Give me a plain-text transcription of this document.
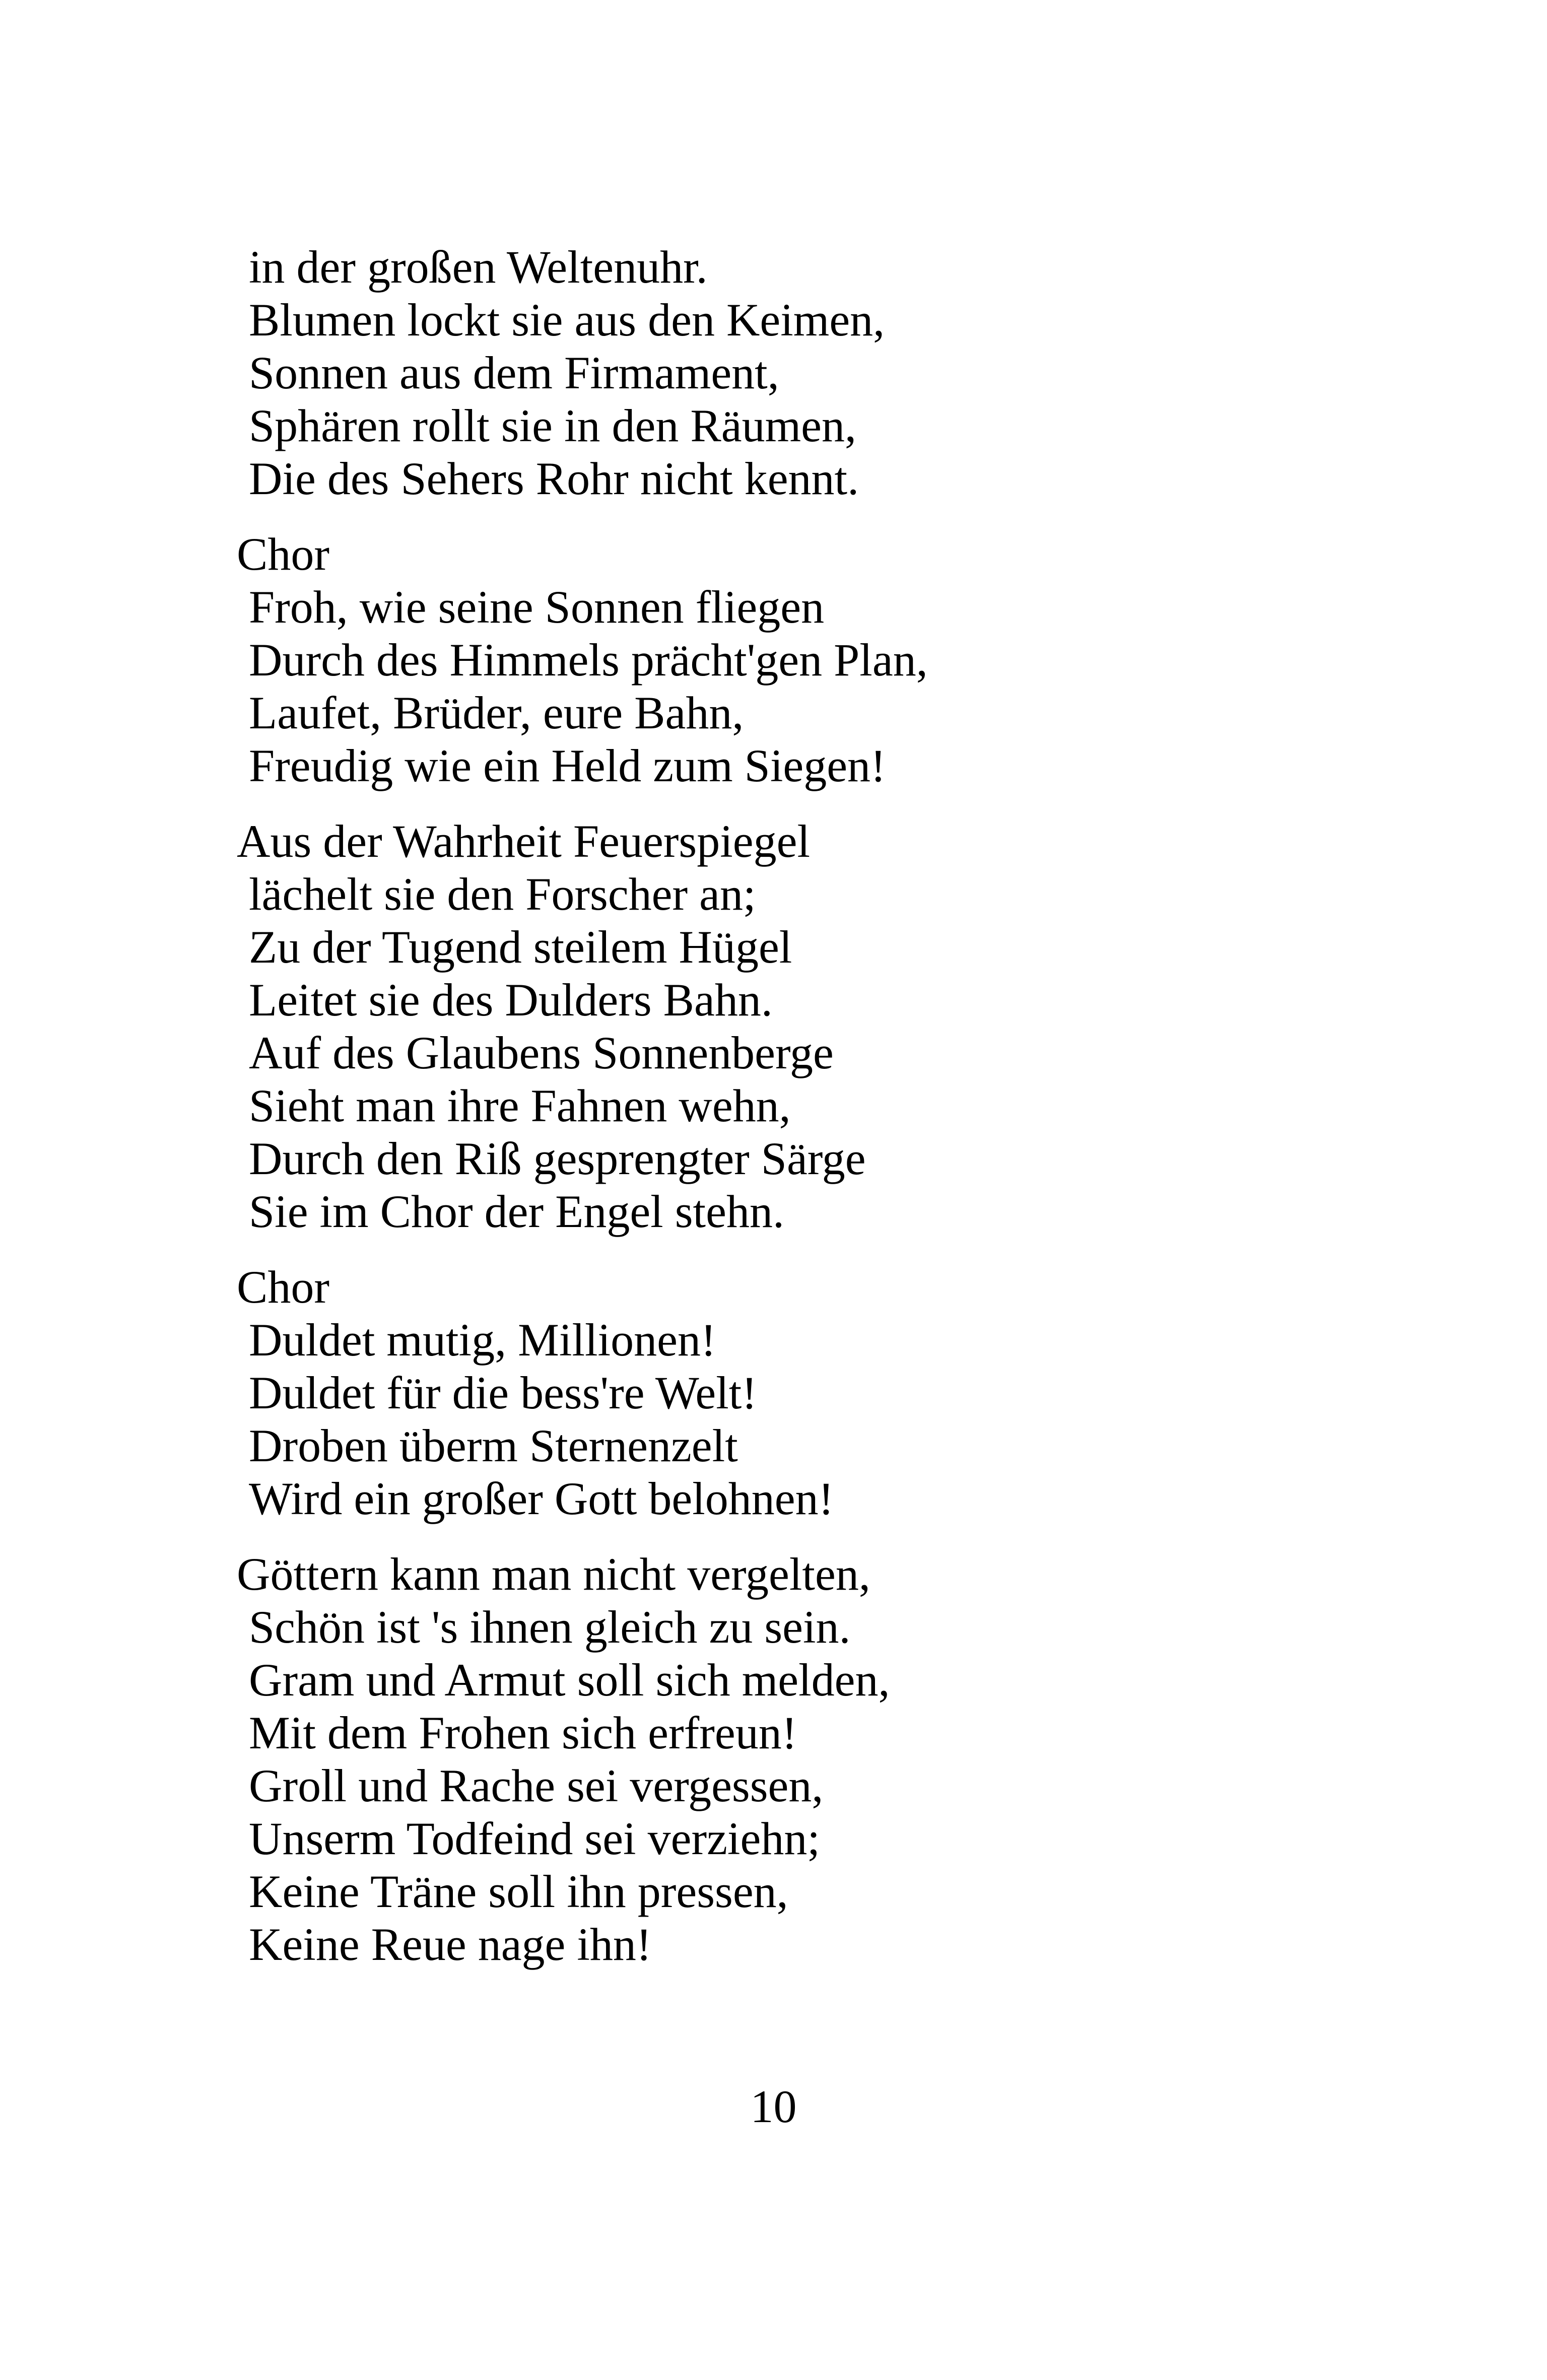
in der großen Weltenuhr.
Blumen lockt sie aus den Keimen,
Sonnen aus dem Firmament,
Sphären rollt sie in den Räumen,
Die des Sehers Rohr nicht kennt.
Chor
Froh, wie seine Sonnen fliegen
Durch des Himmels prächt'gen Plan,
Laufet, Brüder, eure Bahn,
Freudig wie ein Held zum Siegen!
Aus der Wahrheit Feuerspiegel
lächelt sie den Forscher an;
Zu der Tugend steilem Hügel
Leitet sie des Dulders Bahn.
Auf des Glaubens Sonnenberge
Sieht man ihre Fahnen wehn,
Durch den Riß gesprengter Särge
Sie im Chor der Engel stehn.
Chor
Duldet mutig, Millionen!
Duldet für die bess're Welt!
Droben überm Sternenzelt
Wird ein großer Gott belohnen!
Göttern kann man nicht vergelten,
Schön ist 's ihnen gleich zu sein.
Gram und Armut soll sich melden,
Mit dem Frohen sich erfreun!
Groll und Rache sei vergessen,
Unserm Todfeind sei verziehn;
Keine Träne soll ihn pressen,
Keine Reue nage ihn!
10
